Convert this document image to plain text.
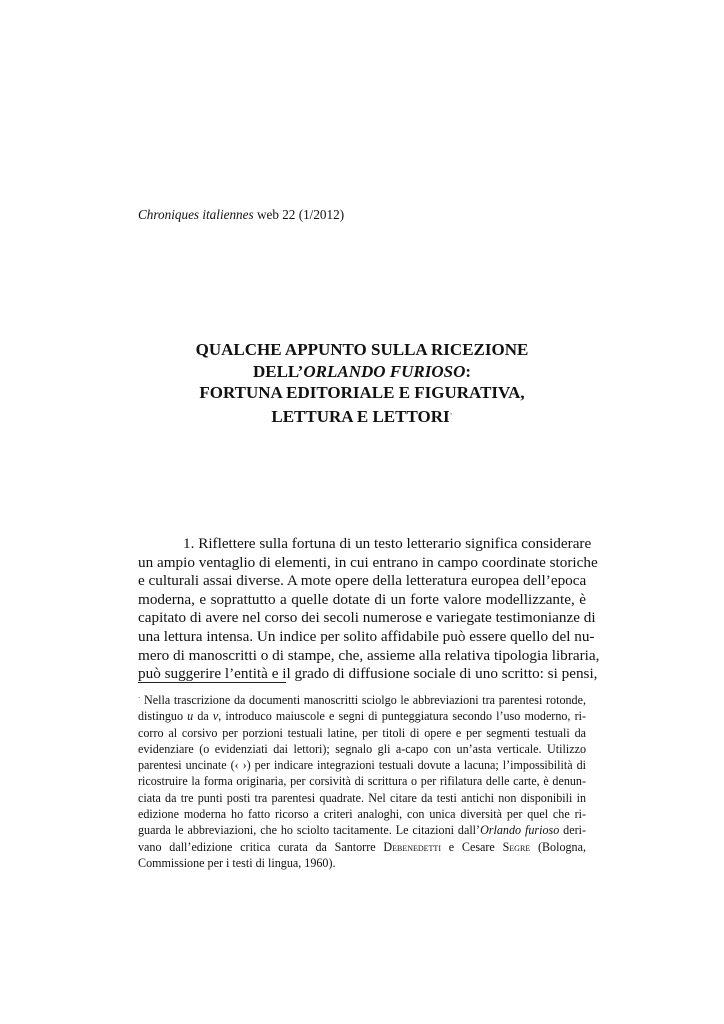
Chroniques italiennes web 22 (1/2012)
QUALCHE APPUNTO SULLA RICEZIONE
DELL’ORLANDO FURIOSO:
FORTUNA EDITORIALE E FIGURATIVA,
LETTURA E LETTORI·
1. Riflettere sulla fortuna di un testo letterario significa considerare
un ampio ventaglio di elementi, in cui entrano in campo coordinate storiche
e culturali assai diverse. A mote opere della letteratura europea dell’epoca
moderna, e soprattutto a quelle dotate di un forte valore modellizzante, è
capitato di avere nel corso dei secoli numerose e variegate testimonianze di
una lettura intensa. Un indice per solito affidabile può essere quello del nu-
mero di manoscritti o di stampe, che, assieme alla relativa tipologia libraria,
può suggerire l’entità e il grado di diffusione sociale di uno scritto: si pensi,
· Nella trascrizione da documenti manoscritti sciolgo le abbreviazioni tra parentesi rotonde,
distinguo u da v, introduco maiuscole e segni di punteggiatura secondo l’uso moderno, ri-
corro al corsivo per porzioni testuali latine, per titoli di opere e per segmenti testuali da
evidenziare (o evidenziati dai lettori); segnalo gli a-capo con un’asta verticale. Utilizzo
parentesi uncinate (‹ ›) per indicare integrazioni testuali dovute a lacuna; l’impossibilità di
ricostruire la forma originaria, per corsività di scrittura o per rifilatura delle carte, è denun-
ciata da tre punti posti tra parentesi quadrate. Nel citare da testi antichi non disponibili in
edizione moderna ho fatto ricorso a criteri analoghi, con unica diversità per quel che ri-
guarda le abbreviazioni, che ho sciolto tacitamente. Le citazioni dall’Orlando furioso deri-
vano dall’edizione critica curata da Santorre Debenedetti e Cesare Segre (Bologna,
Commissione per i testi di lingua, 1960).
